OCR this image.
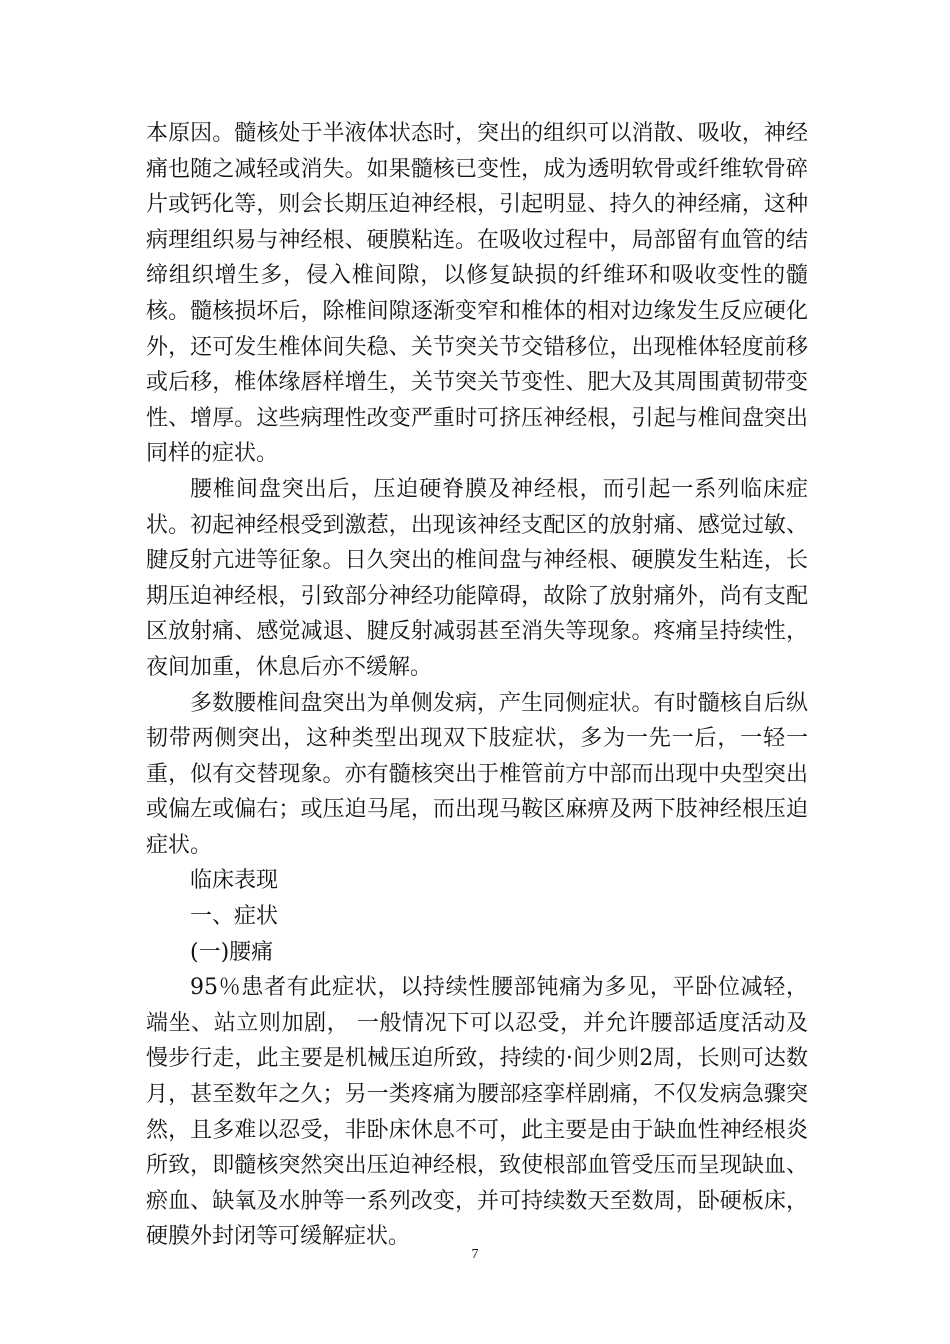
本原因。髓核处于半液体状态时，突出的组织可以消散、吸收，神经痛也随之减轻或消失。如果髓核已变性，成为透明软骨或纤维软骨碎片或钙化等，则会长期压迫神经根，引起明显、持久的神经痛，这种病理组织易与神经根、硬膜粘连。在吸收过程中，局部留有血管的结缔组织增生多，侵入椎间隙，以修复缺损的纤维环和吸收变性的髓核。髓核损坏后，除椎间隙逐渐变窄和椎体的相对边缘发生反应硬化外，还可发生椎体间失稳、关节突关节交错移位，出现椎体轻度前移或后移，椎体缘唇样增生，关节突关节变性、肥大及其周围黄韧带变性、增厚。这些病理性改变严重时可挤压神经根，引起与椎间盘突出同样的症状。

腰椎间盘突出后，压迫硬脊膜及神经根，而引起一系列临床症状。初起神经根受到激惹，出现该神经支配区的放射痛、感觉过敏、腱反射亢进等征象。日久突出的椎间盘与神经根、硬膜发生粘连，长期压迫神经根，引致部分神经功能障碍，故除了放射痛外，尚有支配区放射痛、感觉减退、腱反射减弱甚至消失等现象。疼痛呈持续性，夜间加重，休息后亦不缓解。

多数腰椎间盘突出为单侧发病，产生同侧症状。有时髓核自后纵韧带两侧突出，这种类型出现双下肢症状，多为一先一后，一轻一重，似有交替现象。亦有髓核突出于椎管前方中部而出现中央型突出或偏左或偏右；或压迫马尾，而出现马鞍区麻痹及两下肢神经根压迫症状。

临床表现

一、症状

(一)腰痛

95％患者有此症状，以持续性腰部钝痛为多见，平卧位减轻，端坐、站立则加剧， 一般情况下可以忍受，并允许腰部适度活动及慢步行走，此主要是机械压迫所致，持续的·间少则2周，长则可达数月，甚至数年之久；另一类疼痛为腰部痉挛样剧痛，不仅发病急骤突然，且多难以忍受，非卧床休息不可，此主要是由于缺血性神经根炎所致，即髓核突然突出压迫神经根，致使根部血管受压而呈现缺血、瘀血、缺氧及水肿等一系列改变，并可持续数天至数周，卧硬板床，硬膜外封闭等可缓解症状。

7
